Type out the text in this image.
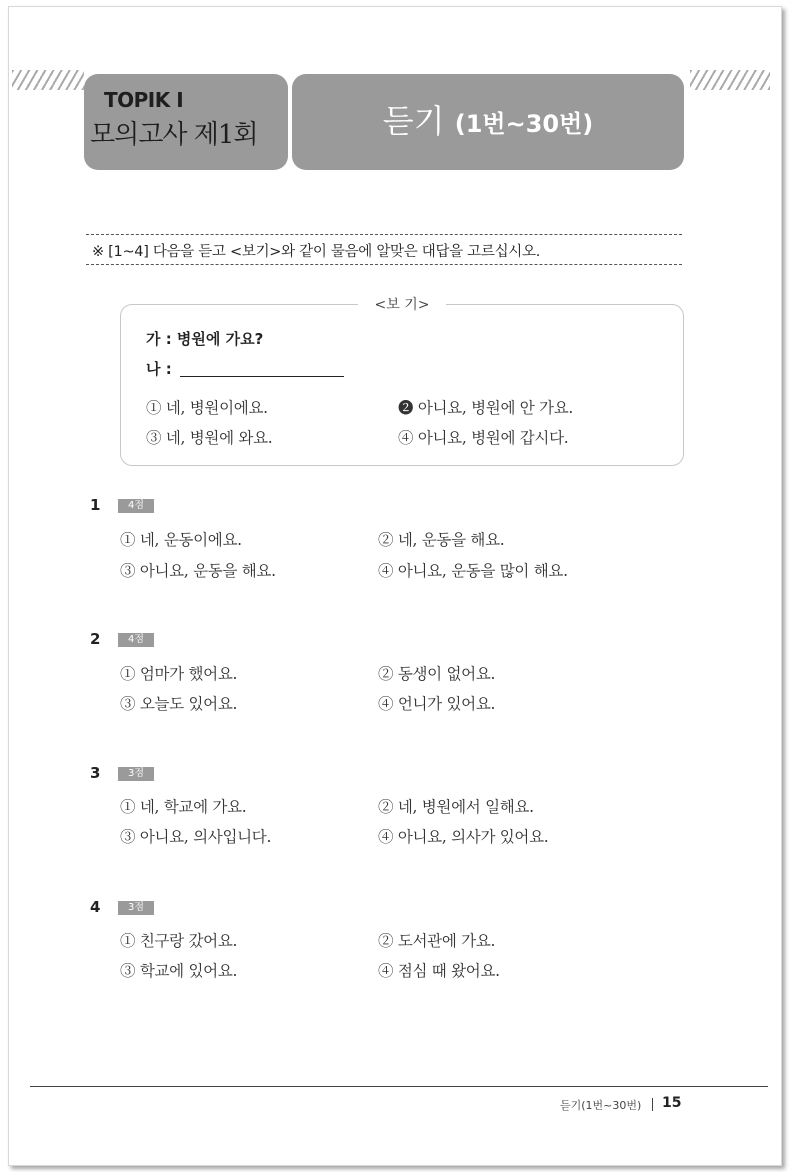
TOPIK Ⅰ
모의고사 제1회	듣기 (1번~30번)
※ [1~4] 다음을 듣고 <보기>와 같이 물음에 알맞은 대답을 고르십시오.
<보 기>
가 : 병원에 가요?
나 :
① 네, 병원이에요.	❷ 아니요, 병원에 안 가요.
③ 네, 병원에 와요.	④ 아니요, 병원에 갑시다.
1	4점
① 네, 운동이에요.	② 네, 운동을 해요.
③ 아니요, 운동을 해요.	④ 아니요, 운동을 많이 해요.
2	4점
① 엄마가 했어요.	② 동생이 없어요.
③ 오늘도 있어요.	④ 언니가 있어요.
3	3점
① 네, 학교에 가요.	② 네, 병원에서 일해요.
③ 아니요, 의사입니다.	④ 아니요, 의사가 있어요.
4	3점
① 친구랑 갔어요.	② 도서관에 가요.
③ 학교에 있어요.	④ 점심 때 왔어요.
듣기(1번~30번) 15
